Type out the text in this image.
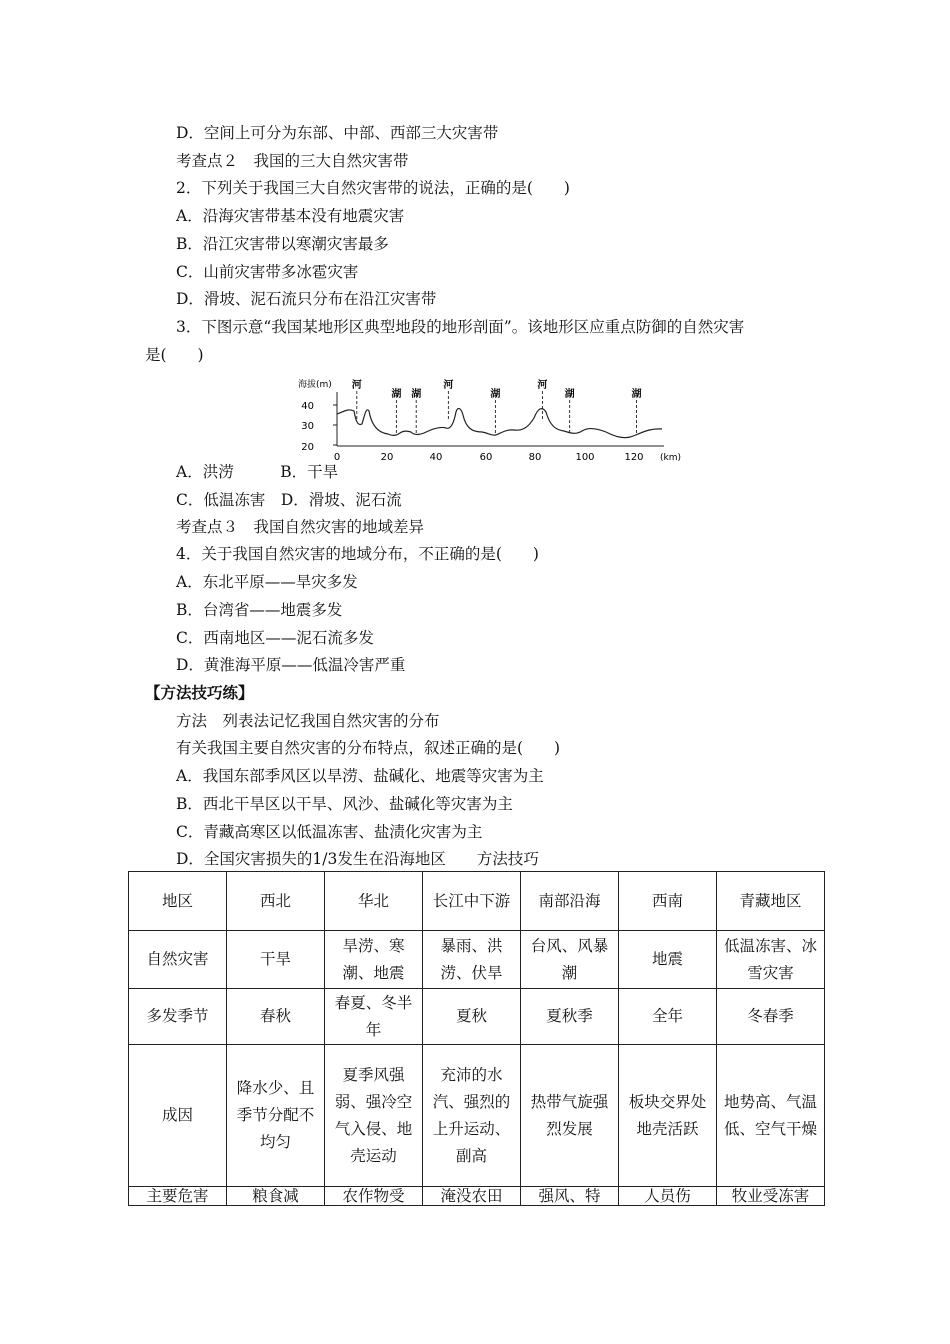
D．空间上可分为东部、中部、西部三大灾害带
考查点２　我国的三大自然灾害带
2．下列关于我国三大自然灾害带的说法，正确的是(　　)
A．沿海灾害带基本没有地震灾害
B．沿江灾害带以寒潮灾害最多
C．山前灾害带多冰雹灾害
D．滑坡、泥石流只分布在沿江灾害带
3．下图示意“我国某地形区典型地段的地形剖面”。该地形区应重点防御的自然灾害
是(　　)
海拔(m)
40
30
20
0	20	40	60	80	100	120 (km)
河
湖 湖
河
湖
河
湖	湖
A．洪涝　　　B．干旱
C．低温冻害　D．滑坡、泥石流
考查点３　我国自然灾害的地域差异
4．关于我国自然灾害的地域分布，不正确的是(　　)
A．东北平原——旱灾多发
B．台湾省——地震多发
C．西南地区——泥石流多发
D．黄淮海平原——低温冷害严重
【方法技巧练】
方法　列表法记忆我国自然灾害的分布
有关我国主要自然灾害的分布特点，叙述正确的是(　　)
A．我国东部季风区以旱涝、盐碱化、地震等灾害为主
B．西北干旱区以干旱、风沙、盐碱化等灾害为主
C．青藏高寒区以低温冻害、盐渍化灾害为主
D．全国灾害损失的1/3发生在沿海地区　　方法技巧
地区	西北	华北	长江中下游	南部沿海	西南	青藏地区
自然灾害	干旱	旱涝、寒潮、地震	暴雨、洪涝、伏旱	台风、风暴潮	地震	低温冻害、冰雪灾害
多发季节	春秋	春夏、冬半年	夏秋	夏秋季	全年	冬春季
成因	降水少、且季节分配不均匀	夏季风强弱、强冷空气入侵、地壳运动	充沛的水汽、强烈的上升运动、副高	热带气旋强烈发展	板块交界处地壳活跃	地势高、气温低、空气干燥
主要危害	粮食减	农作物受	淹没农田	强风、特	人员伤	牧业受冻害
